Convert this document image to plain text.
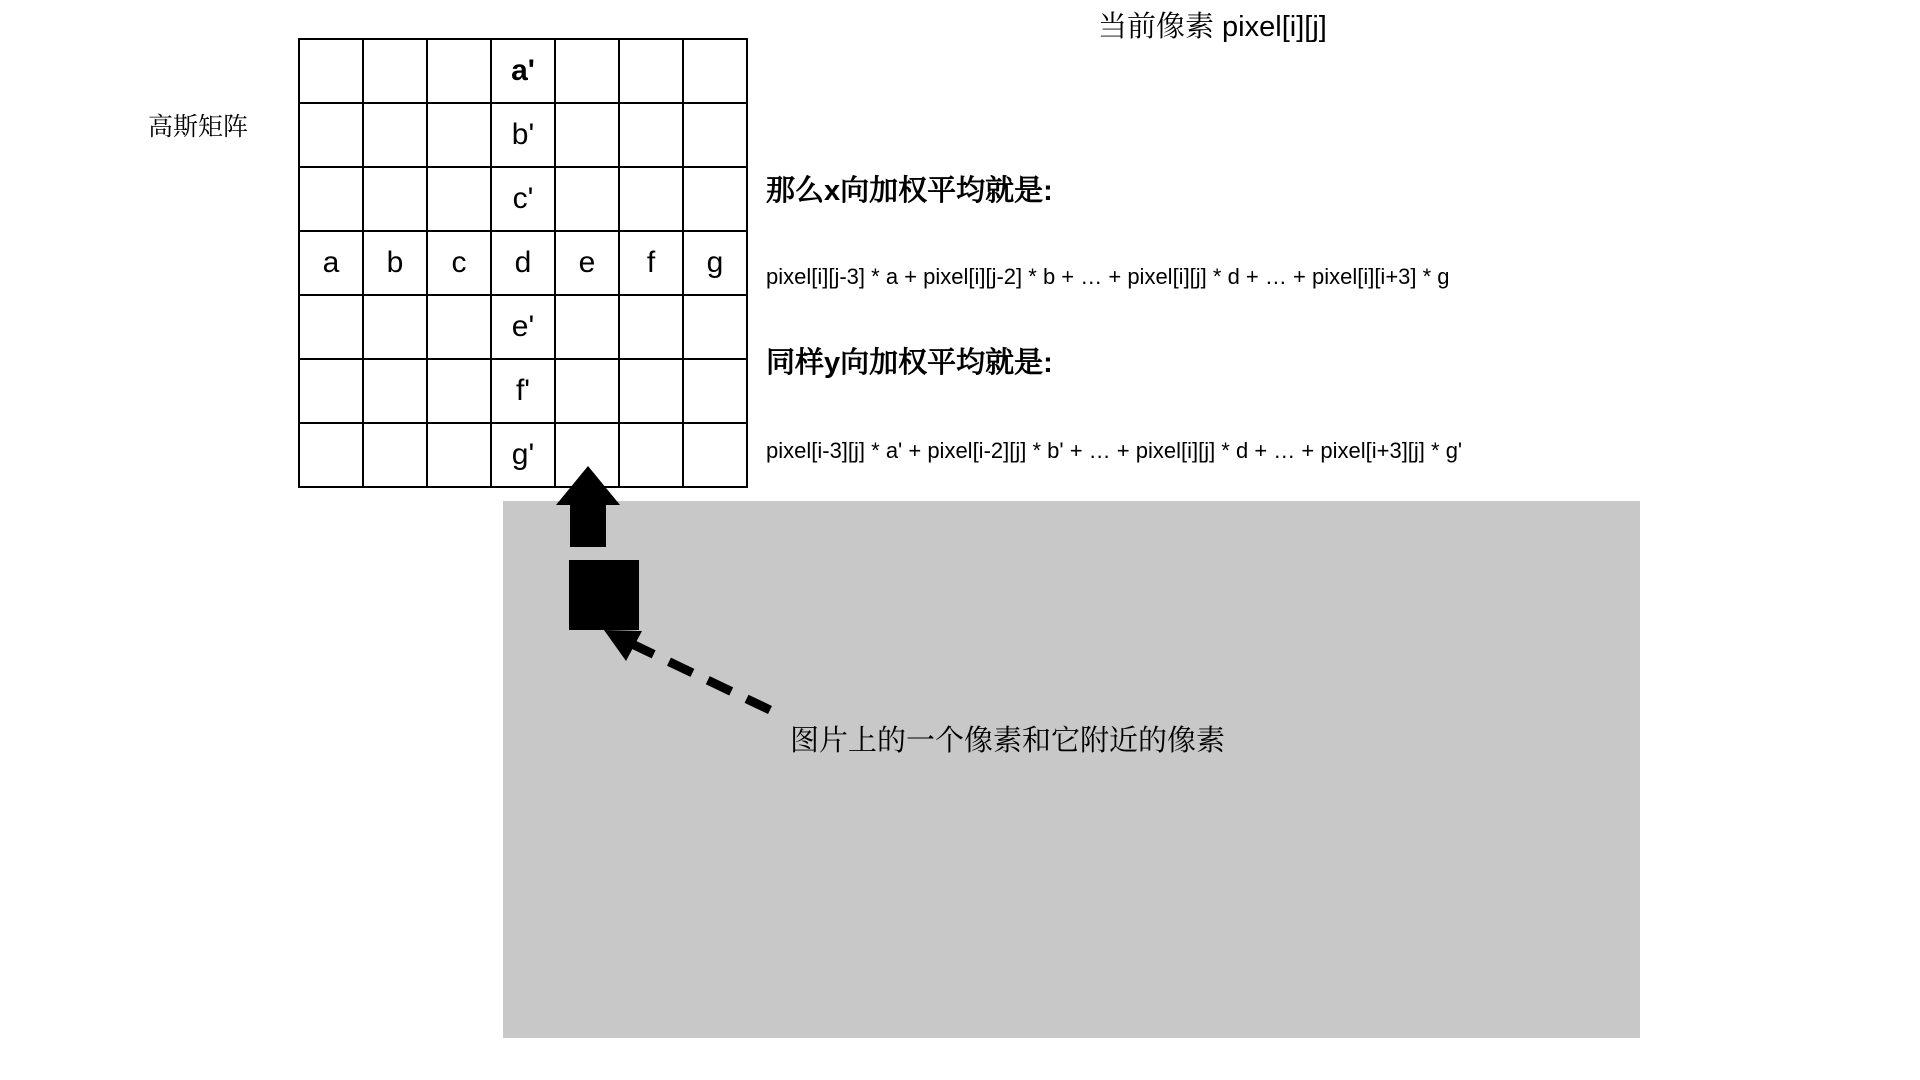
高斯矩阵
			a'			
			b'			
			c'			
a	b	c	d	e	f	g
			e'			
			f'			
			g'			
当前像素 pixel[i][j]
那么x向加权平均就是:
pixel[i][j-3] * a + pixel[i][j-2] * b + … + pixel[i][j] * d + … + pixel[i][i+3] * g
同样y向加权平均就是:
pixel[i-3][j] * a' + pixel[i-2][j] * b' + … + pixel[i][j] * d + … + pixel[i+3][j] * g'
图片上的一个像素和它附近的像素
